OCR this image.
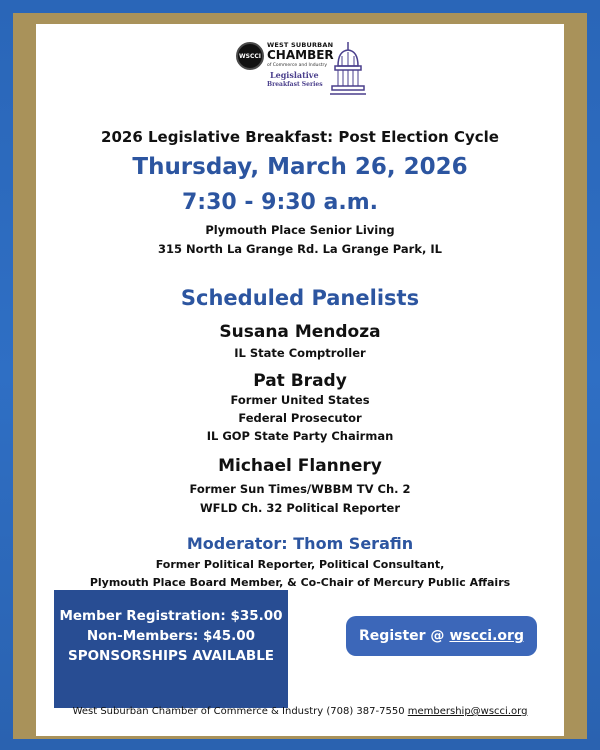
WSCCI
WEST SUBURBAN
CHAMBER
of Commerce and Industry
Legislative
Breakfast Series

2026 Legislative Breakfast: Post Election Cycle

Thursday, March 26, 2026

7:30 - 9:30 a.m.

Plymouth Place Senior Living

315 North La Grange Rd. La Grange Park, IL

Scheduled Panelists

Susana Mendoza

IL State Comptroller

Pat Brady

Former United States

Federal Prosecutor

IL GOP State Party Chairman

Michael Flannery

Former Sun Times/WBBM TV Ch. 2

WFLD Ch. 32 Political Reporter

Moderator: Thom Serafin

Former Political Reporter, Political Consultant,

Plymouth Place Board Member, & Co-Chair of Mercury Public Affairs

Member Registration: $35.00
Non-Members: $45.00
SPONSORSHIPS AVAILABLE
Register @ wscci.org

West Suburban Chamber of Commerce & Industry (708) 387-7550 membership@wscci.org
